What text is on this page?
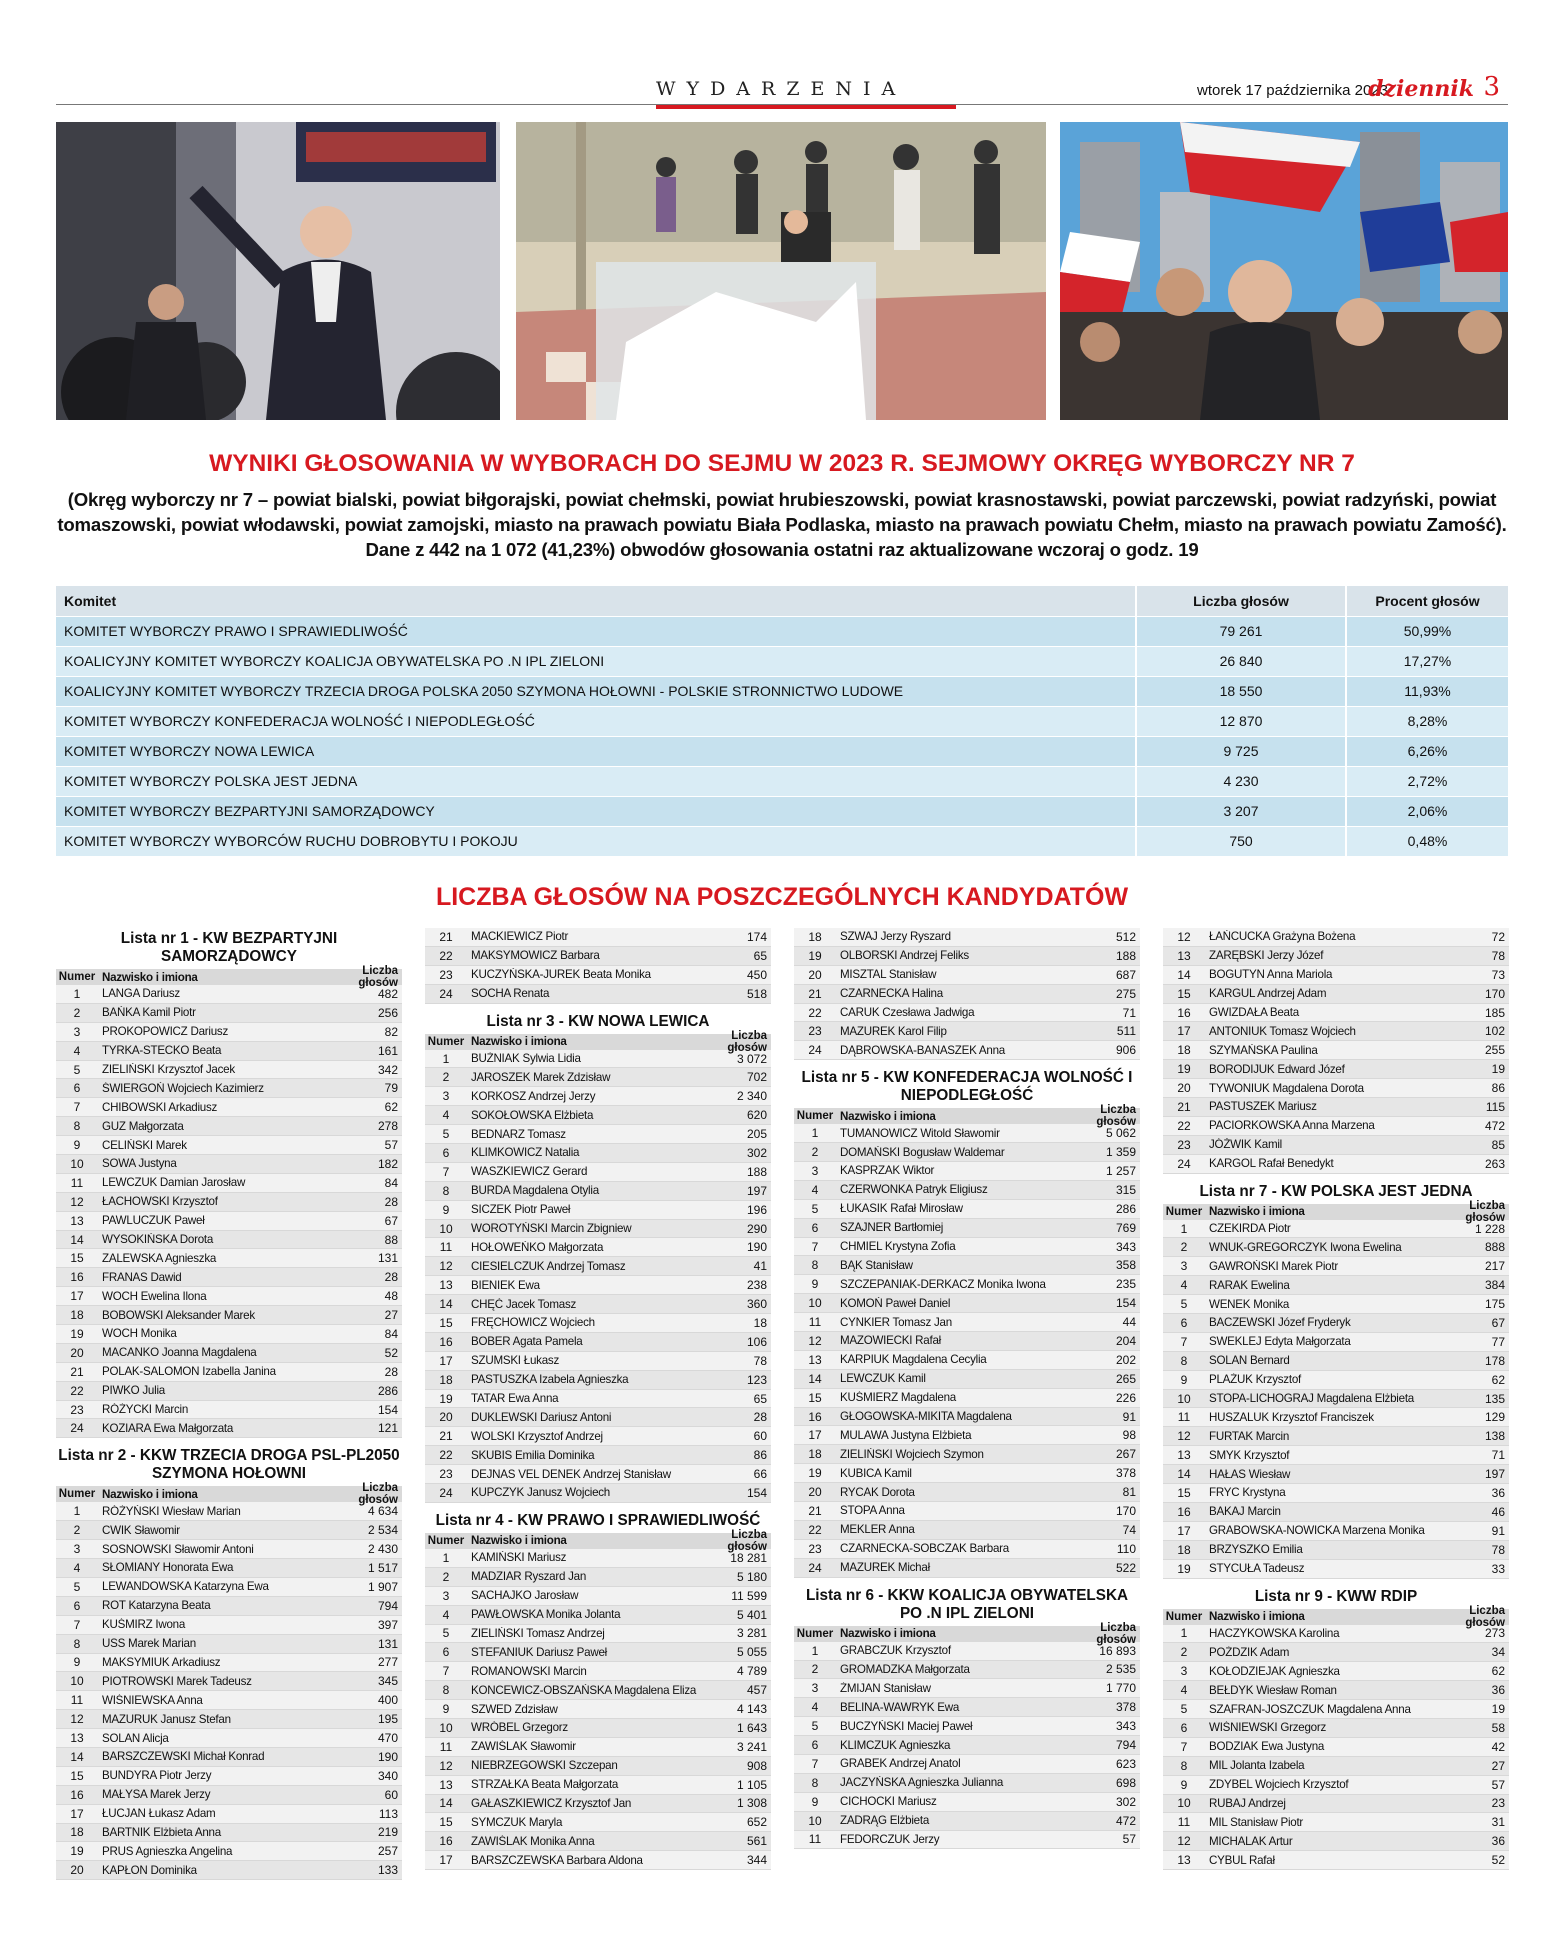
WYDARZENIA	wtorek 17 października 2023
dziennik 3
WYNIKI GŁOSOWANIA W WYBORACH DO SEJMU W 2023 R. SEJMOWY OKRĘG WYBORCZY NR 7
(Okręg wyborczy nr 7 – powiat bialski, powiat biłgorajski, powiat chełmski, powiat hrubieszowski, powiat krasnostawski, powiat parczewski, powiat radzyński, powiat tomaszowski, powiat włodawski, powiat zamojski, miasto na prawach powiatu Biała Podlaska, miasto na prawach powiatu Chełm, miasto na prawach powiatu Zamość). Dane z 442 na 1 072 (41,23%) obwodów głosowania ostatni raz aktualizowane wczoraj o godz. 19
Komitet	Liczba głosów	Procent głosów
KOMITET WYBORCZY PRAWO I SPRAWIEDLIWOŚĆ	79 261	50,99%
KOALICYJNY KOMITET WYBORCZY KOALICJA OBYWATELSKA PO .N IPL ZIELONI	26 840	17,27%
KOALICYJNY KOMITET WYBORCZY TRZECIA DROGA POLSKA 2050 SZYMONA HOŁOWNI - POLSKIE STRONNICTWO LUDOWE	18 550	11,93%
KOMITET WYBORCZY KONFEDERACJA WOLNOŚĆ I NIEPODLEGŁOŚĆ	12 870	8,28%
KOMITET WYBORCZY NOWA LEWICA	9 725	6,26%
KOMITET WYBORCZY POLSKA JEST JEDNA	4 230	2,72%
KOMITET WYBORCZY BEZPARTYJNI SAMORZĄDOWCY	3 207	2,06%
KOMITET WYBORCZY WYBORCÓW RUCHU DOBROBYTU I POKOJU	750	0,48%
LICZBA GŁOSÓW NA POSZCZEGÓLNYCH KANDYDATÓW
Lista nr 1 - KW BEZPARTYJNI SAMORZĄDOWCY
Numer Nazwisko i imiona	Liczba głosów
1	LANGA Dariusz	482
2	BAŃKA Kamil Piotr	256
3	PROKOPOWICZ Dariusz	82
4	TYRKA-STECKO Beata	161
5	ZIELIŃSKI Krzysztof Jacek	342
6	ŚWIERGOŃ Wojciech Kazimierz	79
7	CHIBOWSKI Arkadiusz	62
8	GUZ Małgorzata	278
9	CELIŃSKI Marek	57
10	SOWA Justyna	182
11	LEWCZUK Damian Jarosław	84
12	ŁACHOWSKI Krzysztof	28
13	PAWLUCZUK Paweł	67
14	WYSOKIŃSKA Dorota	88
15	ZALEWSKA Agnieszka	131
16	FRANAS Dawid	28
17	WOCH Ewelina Ilona	48
18	BOBOWSKI Aleksander Marek	27
19	WOCH Monika	84
20	MACANKO Joanna Magdalena	52
21	POLAK-SALOMON Izabella Janina	28
22	PIWKO Julia	286
23	RÓŻYCKI Marcin	154
24	KOZIARA Ewa Małgorzata	121
Lista nr 2 - KKW TRZECIA DROGA PSL-PL2050 SZYMONA HOŁOWNI
Numer Nazwisko i imiona	Liczba głosów
1	RÓŻYŃSKI Wiesław Marian	4 634
2	CWIK Sławomir	2 534
3	SOSNOWSKI Sławomir Antoni	2 430
4	SŁOMIANY Honorata Ewa	1 517
5	LEWANDOWSKA Katarzyna Ewa	1 907
6	ROT Katarzyna Beata	794
7	KUŚMIRZ Iwona	397
8	USS Marek Marian	131
9	MAKSYMIUK Arkadiusz	277
10	PIOTROWSKI Marek Tadeusz	345
11	WIŚNIEWSKA Anna	400
12	MAZURUK Janusz Stefan	195
13	SOLAN Alicja	470
14	BARSZCZEWSKI Michał Konrad	190
15	BUNDYRA Piotr Jerzy	340
16	MAŁYSA Marek Jerzy	60
17	ŁUCJAN Łukasz Adam	113
18	BARTNIK Elżbieta Anna	219
19	PRUS Agnieszka Angelina	257
20	KAPŁON Dominika	133
21	MACKIEWICZ Piotr	174
22	MAKSYMOWICZ Barbara	65
23	KUCZYŃSKA-JUREK Beata Monika	450
24	SOCHA Renata	518
Lista nr 3 - KW NOWA LEWICA
Numer Nazwisko i imiona	Liczba głosów
1	BUŻNIAK Sylwia Lidia	3 072
2	JAROSZEK Marek Zdzisław	702
3	KORKOSZ Andrzej Jerzy	2 340
4	SOKOŁOWSKA Elżbieta	620
5	BEDNARZ Tomasz	205
6	KLIMKOWICZ Natalia	302
7	WASZKIEWICZ Gerard	188
8	BURDA Magdalena Otylia	197
9	SICZEK Piotr Paweł	196
10	WOROTYŃSKI Marcin Zbigniew	290
11	HOŁOWEŃKO Małgorzata	190
12	CIESIELCZUK Andrzej Tomasz	41
13	BIENIEK Ewa	238
14	CHĘĆ Jacek Tomasz	360
15	FRĘCHOWICZ Wojciech	18
16	BOBER Agata Pamela	106
17	SZUMSKI Łukasz	78
18	PASTUSZKA Izabela Agnieszka	123
19	TATAR Ewa Anna	65
20	DUKLEWSKI Dariusz Antoni	28
21	WOLSKI Krzysztof Andrzej	60
22	SKUBIS Emilia Dominika	86
23	DEJNAS VEL DENEK Andrzej Stanisław	66
24	KUPCZYK Janusz Wojciech	154
Lista nr 4 - KW PRAWO I SPRAWIEDLIWOŚĆ
Numer Nazwisko i imiona	Liczba głosów
1	KAMIŃSKI Mariusz	18 281
2	MADZIAR Ryszard Jan	5 180
3	SACHAJKO Jarosław	11 599
4	PAWŁOWSKA Monika Jolanta	5 401
5	ZIELIŃSKI Tomasz Andrzej	3 281
6	STEFANIUK Dariusz Paweł	5 055
7	ROMANOWSKI Marcin	4 789
8	KONCEWICZ-OBSZAŃSKA Magdalena Eliza	457
9	SZWED Zdzisław	4 143
10	WRÓBEL Grzegorz	1 643
11	ZAWIŚLAK Sławomir	3 241
12	NIEBRZEGOWSKI Szczepan	908
13	STRZAŁKA Beata Małgorzata	1 105
14	GAŁASZKIEWICZ Krzysztof Jan	1 308
15	SYMCZUK Maryla	652
16	ZAWIŚLAK Monika Anna	561
17	BARSZCZEWSKA Barbara Aldona	344
18	SZWAJ Jerzy Ryszard	512
19	OLBORSKI Andrzej Feliks	188
20	MISZTAL Stanisław	687
21	CZARNECKA Halina	275
22	CARUK Czesława Jadwiga	71
23	MAZUREK Karol Filip	511
24	DĄBROWSKA-BANASZEK Anna	906
Lista nr 5 - KW KONFEDERACJA WOLNOŚĆ I NIEPODLEGŁOŚĆ
Numer Nazwisko i imiona	Liczba głosów
1	TUMANOWICZ Witold Sławomir	5 062
2	DOMAŃSKI Bogusław Waldemar	1 359
3	KASPRZAK Wiktor	1 257
4	CZERWONKA Patryk Eligiusz	315
5	ŁUKASIK Rafał Mirosław	286
6	SZAJNER Bartłomiej	769
7	CHMIEL Krystyna Zofia	343
8	BĄK Stanisław	358
9	SZCZEPANIAK-DERKACZ Monika Iwona	235
10	KOMOŃ Paweł Daniel	154
11	CYNKIER Tomasz Jan	44
12	MAZOWIECKI Rafał	204
13	KARPIUK Magdalena Cecylia	202
14	LEWCZUK Kamil	265
15	KUŚMIERZ Magdalena	226
16	GŁOGOWSKA-MIKITA Magdalena	91
17	MULAWA Justyna Elżbieta	98
18	ZIELIŃSKI Wojciech Szymon	267
19	KUBICA Kamil	378
20	RYCAK Dorota	81
21	STOPA Anna	170
22	MEKLER Anna	74
23	CZARNECKA-SOBCZAK Barbara	110
24	MAZUREK Michał	522
Lista nr 6 - KKW KOALICJA OBYWATELSKA PO .N IPL ZIELONI
Numer Nazwisko i imiona	Liczba głosów
1	GRABCZUK Krzysztof	16 893
2	GROMADZKA Małgorzata	2 535
3	ŻMIJAN Stanisław	1 770
4	BELINA-WAWRYK Ewa	378
5	BUCZYŃSKI Maciej Paweł	343
6	KLIMCZUK Agnieszka	794
7	GRABEK Andrzej Anatol	623
8	JACZYŃSKA Agnieszka Julianna	698
9	CICHOCKI Mariusz	302
10	ZADRĄG Elżbieta	472
11	FEDORCZUK Jerzy	57
12	ŁAŃCUCKA Grażyna Bożena	72
13	ZARĘBSKI Jerzy Józef	78
14	BOGUTYN Anna Mariola	73
15	KARGUL Andrzej Adam	170
16	GWIZDAŁA Beata	185
17	ANTONIUK Tomasz Wojciech	102
18	SZYMAŃSKA Paulina	255
19	BORODIJUK Edward Józef	19
20	TYWONIUK Magdalena Dorota	86
21	PASTUSZEK Mariusz	115
22	PACIORKOWSKA Anna Marzena	472
23	JÓŹWIK Kamil	85
24	KARGOL Rafał Benedykt	263
Lista nr 7 - KW POLSKA JEST JEDNA
Numer Nazwisko i imiona	Liczba głosów
1	CZEKIRDA Piotr	1 228
2	WNUK-GREGORCZYK Iwona Ewelina	888
3	GAWROŃSKI Marek Piotr	217
4	RARAK Ewelina	384
5	WENEK Monika	175
6	BACZEWSKI Józef Fryderyk	67
7	SWEKLEJ Edyta Małgorzata	77
8	SOLAN Bernard	178
9	PLAŻUK Krzysztof	62
10	STOPA-LICHOGRAJ Magdalena Elżbieta	135
11	HUSZALUK Krzysztof Franciszek	129
12	FURTAK Marcin	138
13	SMYK Krzysztof	71
14	HAŁAS Wiesław	197
15	FRYC Krystyna	36
16	BAKAJ Marcin	46
17	GRABOWSKA-NOWICKA Marzena Monika	91
18	BRZYSZKO Emilia	78
19	STYCUŁA Tadeusz	33
Lista nr 9 - KWW RDIP
Numer Nazwisko i imiona	Liczba głosów
1	HACZYKOWSKA Karolina	273
2	POŻDZIK Adam	34
3	KOŁODZIEJAK Agnieszka	62
4	BEŁDYK Wiesław Roman	36
5	SZAFRAN-JOSZCZUK Magdalena Anna	19
6	WIŚNIEWSKI Grzegorz	58
7	BODZIAK Ewa Justyna	42
8	MIL Jolanta Izabela	27
9	ZDYBEL Wojciech Krzysztof	57
10	RUBAJ Andrzej	23
11	MIL Stanisław Piotr	31
12	MICHALAK Artur	36
13	CYBUL Rafał	52
